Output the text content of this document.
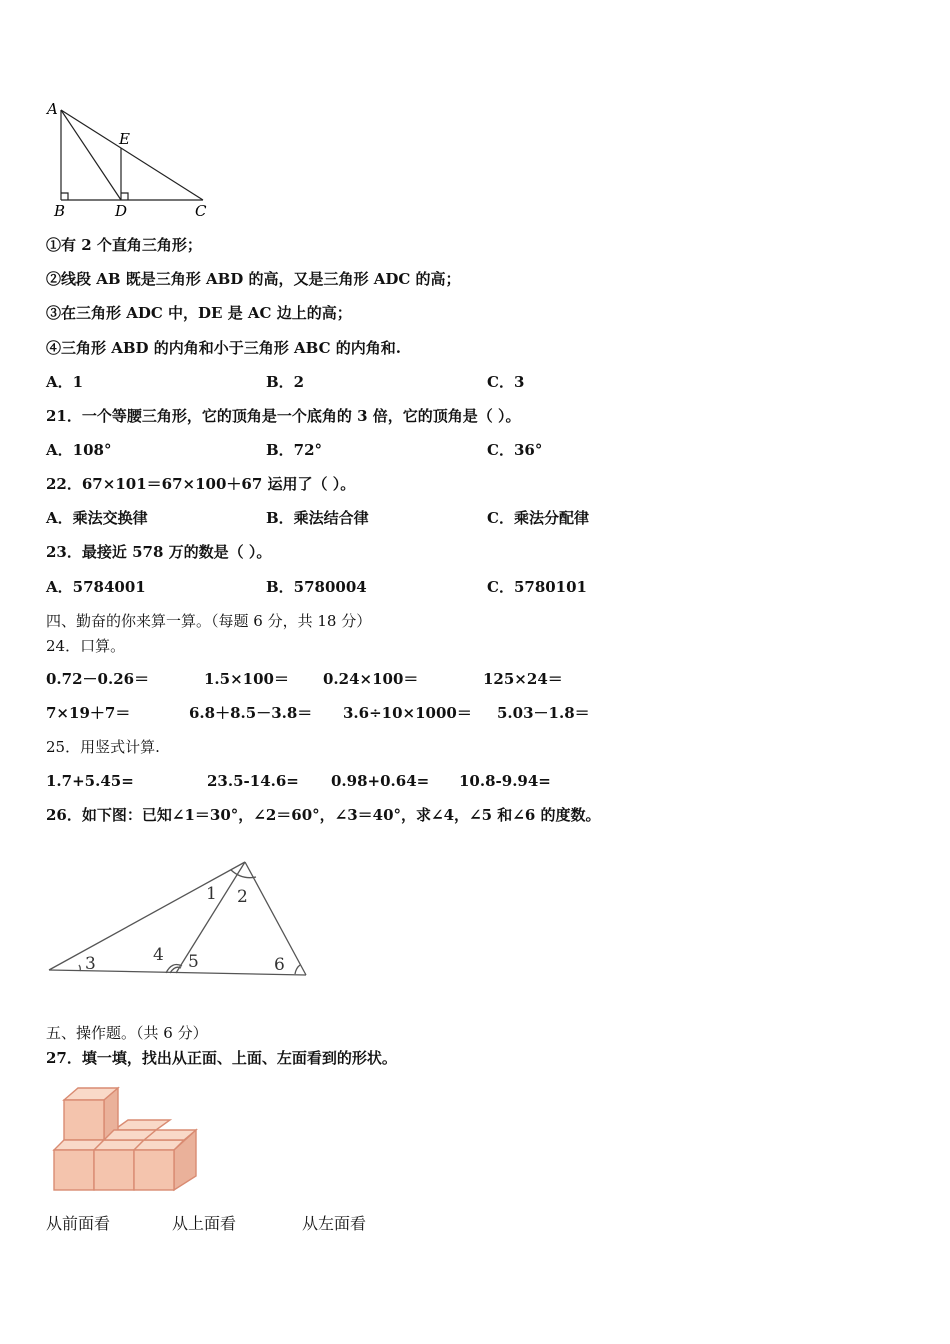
A
E
B	D	C
①有 2 个直角三角形；
②线段 AB 既是三角形 ABD 的高，又是三角形 ADC 的高；
③在三角形 ADC 中，DE 是 AC 边上的高；
④三角形 ABD 的内角和小于三角形 ABC 的内角和.
A．1	B．2	C．3
21．一个等腰三角形，它的顶角是一个底角的 3 倍，它的顶角是（ ）。
A．108°	B．72°	C．36°
22．67×101＝67×100＋67 运用了（ ）。
A．乘法交换律	B．乘法结合律	C．乘法分配律
23．最接近 578 万的数是（ ）。
A．5784001	B．5780004	C．5780101
四、勤奋的你来算一算。（每题 6 分，共 18 分）
24．口算。
0.72－0.26＝	1.5×100＝ 0.24×100＝	125×24＝
7×19＋7＝	6.8＋8.5－3.8＝ 3.6÷10×1000＝ 5.03－1.8＝
25．用竖式计算.
1.7+5.45=	23.5-14.6= 0.98+0.64= 10.8-9.94=
26．如下图：已知∠1＝30°，∠2＝60°，∠3＝40°，求∠4，∠5 和∠6 的度数。
1 2
3	4 5	6
五、操作题。（共 6 分）
27．填一填，找出从正面、上面、左面看到的形状。
从前面看	从上面看	从左面看
